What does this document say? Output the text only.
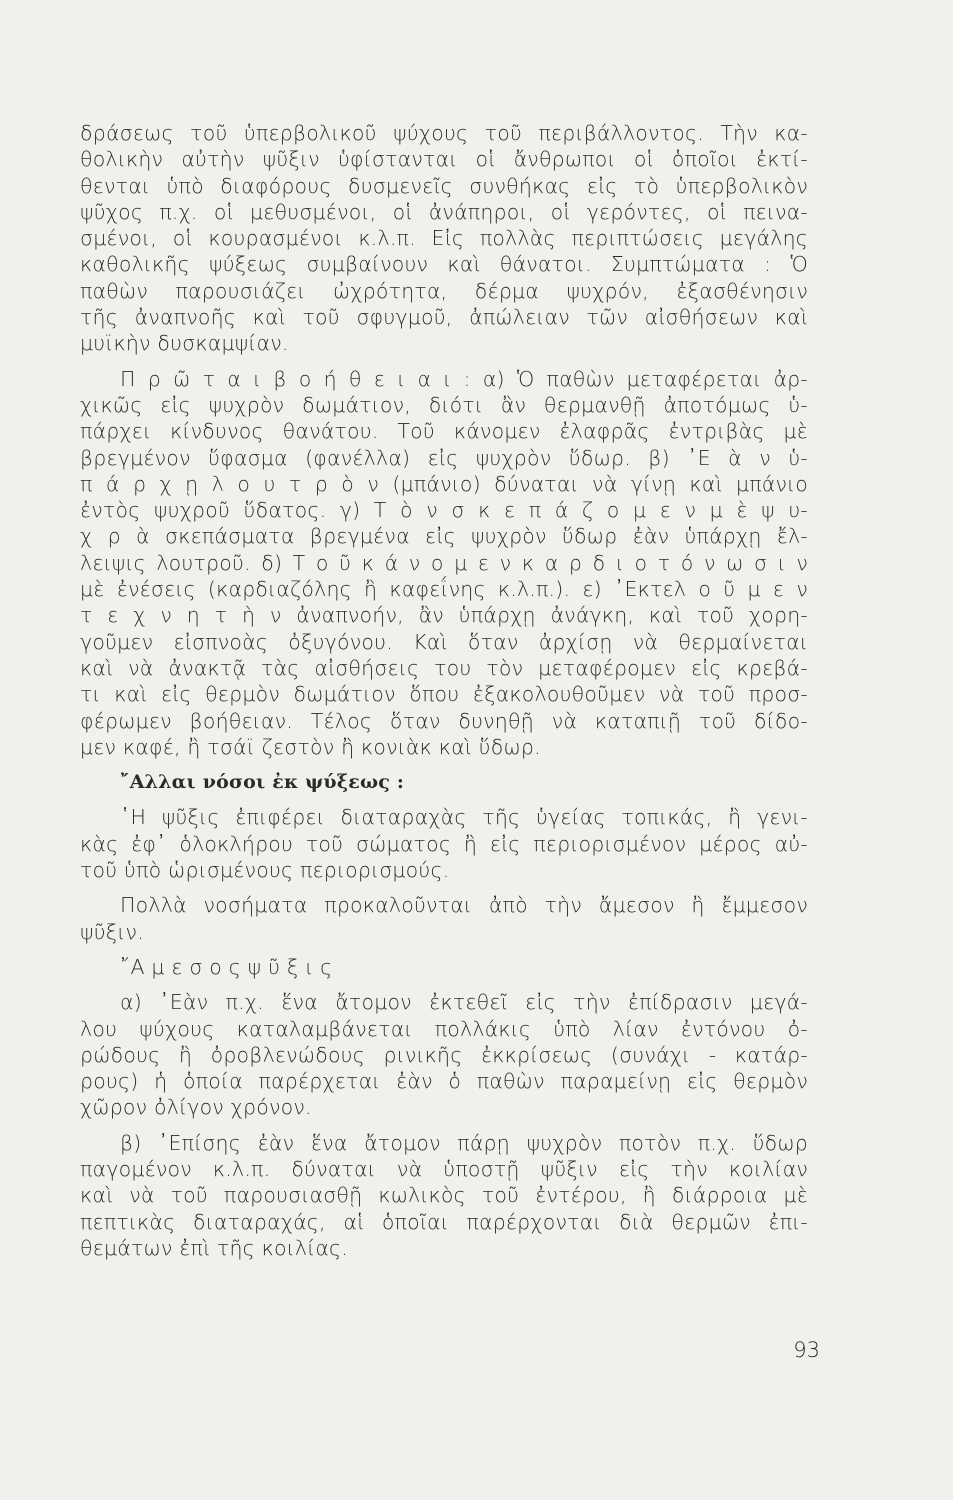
δράσεως τοῦ ὑπερβολικοῦ ψύχους τοῦ περιβάλλοντος. Τὴν κα-
θολικὴν αὐτὴν ψῦξιν ὑφίστανται οἱ ἄνθρωποι οἱ ὁποῖοι ἐκτί-
θενται ὑπὸ διαφόρους δυσμενεῖς συνθήκας εἰς τὸ ὑπερβολικὸν
ψῦχος π.χ. οἱ μεθυσμένοι, οἱ ἀνάπηροι, οἱ γερόντες, οἱ πεινα-
σμένοι, οἱ κουρασμένοι κ.λ.π. Εἰς πολλὰς περιπτώσεις μεγάλης
καθολικῆς ψύξεως συμβαίνουν καὶ θάνατοι. Συμπτώματα : Ὁ
παθὼν παρουσιάζει ὠχρότητα, δέρμα ψυχρόν, ἐξασθένησιν
τῆς ἀναπνοῆς καὶ τοῦ σφυγμοῦ, ἀπώλειαν τῶν αἰσθήσεων καὶ
μυϊκὴν δυσκαμψίαν.
Π ρ ῶ τ α ι β ο ή θ ε ι α ι : α) Ὁ παθὼν μεταφέρεται ἀρ-
χικῶς εἰς ψυχρὸν δωμάτιον, διότι ἂν θερμανθῇ ἀποτόμως ὑ-
πάρχει κίνδυνος θανάτου. Τοῦ κάνομεν ἐλαφρᾶς ἐντριβὰς μὲ
βρεγμένον ὕφασμα (φανέλλα) εἰς ψυχρὸν ὕδωρ. β) ᾿Ε ὰ ν ὑ-
π ά ρ χ ῃ λ ο υ τ ρ ὸ ν (μπάνιο) δύναται νὰ γίνῃ καὶ μπάνιο
ἐντὸς ψυχροῦ ὕδατος. γ) Τ ὸ ν σ κ ε π ά ζ ο μ ε ν μ ὲ ψ υ-
χ ρ ὰ σκεπάσματα βρεγμένα εἰς ψυχρὸν ὕδωρ ἐὰν ὑπάρχῃ ἔλ-
λειψις λουτροῦ. δ) Τ ο ῦ κ ά ν ο μ ε ν κ α ρ δ ι ο τ ό ν ω σ ι ν
μὲ ἐνέσεις (καρδιαζόλης ἢ καφεΐνης κ.λ.π.). ε) ᾿Εκτελ ο ῦ μ ε ν
τ ε χ ν η τ ὴ ν ἀναπνοήν, ἂν ὑπάρχῃ ἀνάγκη, καὶ τοῦ χορη-
γοῦμεν εἰσπνοὰς ὀξυγόνου. Καὶ ὅταν ἀρχίσῃ νὰ θερμαίνεται
καὶ νὰ ἀνακτᾷ τὰς αἰσθήσεις του τὸν μεταφέρομεν εἰς κρεβά-
τι καὶ εἰς θερμὸν δωμάτιον ὅπου ἐξακολουθοῦμεν νὰ τοῦ προσ-
φέρωμεν βοήθειαν. Τέλος ὅταν δυνηθῇ νὰ καταπιῇ τοῦ δίδο-
μεν καφέ, ἢ τσάϊ ζεστὸν ἢ κονιὰκ καὶ ὕδωρ.
῎Αλλαι νόσοι ἐκ ψύξεως :
῾Η ψῦξις ἐπιφέρει διαταραχὰς τῆς ὑγείας τοπικάς, ἢ γενι-
κὰς ἐφ᾿ ὁλοκλήρου τοῦ σώματος ἢ εἰς περιορισμένον μέρος αὐ-
τοῦ ὑπὸ ὡρισμένους περιορισμούς.
Πολλὰ νοσήματα προκαλοῦνται ἀπὸ τὴν ἄμεσον ἢ ἔμμεσον
ψῦξιν.
῎Α μ ε σ ο ς ψ ῦ ξ ι ς
α) ᾿Εὰν π.χ. ἕνα ἄτομον ἐκτεθεῖ εἰς τὴν ἐπίδρασιν μεγά-
λου ψύχους καταλαμβάνεται πολλάκις ὑπὸ λίαν ἐντόνου ὀ-
ρώδους ἢ ὀροβλενώδους ρινικῆς ἐκκρίσεως (συνάχι - κατάρ-
ρους) ἡ ὁποία παρέρχεται ἐὰν ὁ παθὼν παραμείνῃ εἰς θερμὸν
χῶρον ὀλίγον χρόνον.
β) ᾿Επίσης ἐὰν ἕνα ἄτομον πάρῃ ψυχρὸν ποτὸν π.χ. ὕδωρ
παγομένον κ.λ.π. δύναται νὰ ὑποστῇ ψῦξιν εἰς τὴν κοιλίαν
καὶ νὰ τοῦ παρουσιασθῇ κωλικὸς τοῦ ἐντέρου, ἢ διάρροια μὲ
πεπτικὰς διαταραχάς, αἱ ὁποῖαι παρέρχονται διὰ θερμῶν ἐπι-
θεμάτων ἐπὶ τῆς κοιλίας.
93
